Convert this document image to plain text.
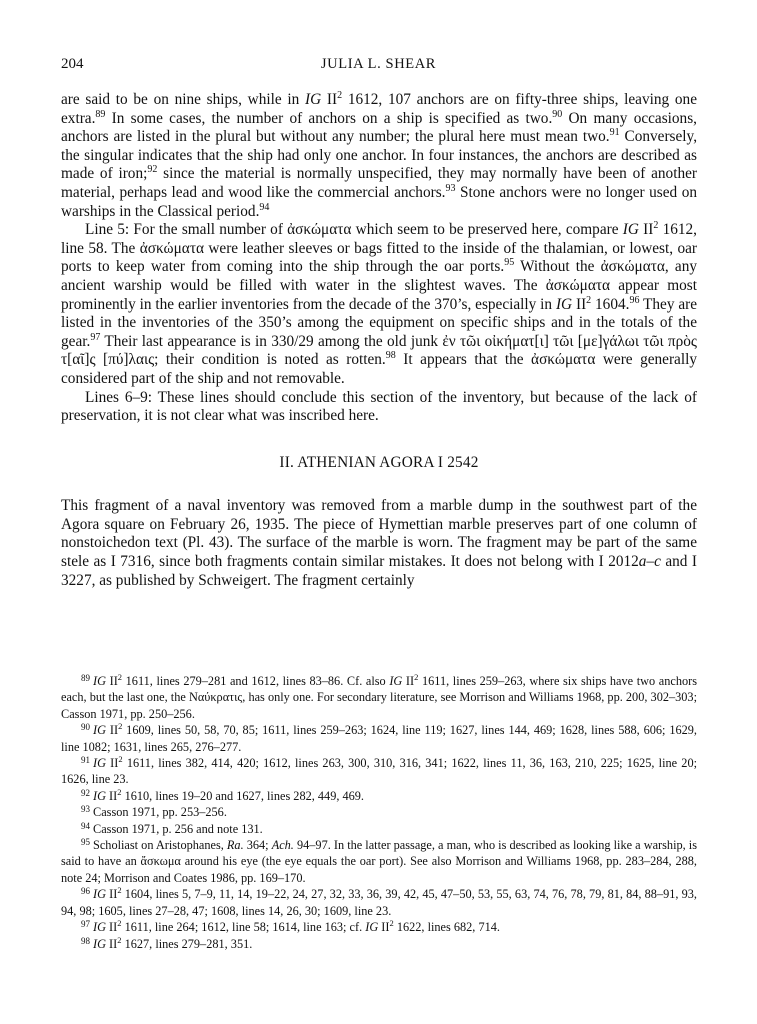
204	JULIA L. SHEAR

are said to be on nine ships, while in IG $II^2$ 1612, 107 anchors are on fifty-three ships, leaving one extra.$^{89}$ In some cases, the number of anchors on a ship is specified as two.$^{90}$ On many occasions, anchors are listed in the plural but without any number; the plural here must mean two.$^{91}$ Conversely, the singular indicates that the ship had only one anchor. In four instances, the anchors are described as made of iron;$^{92}$ since the material is normally unspecified, they may normally have been of another material, perhaps lead and wood like the commercial anchors.$^{93}$ Stone anchors were no longer used on warships in the Classical period.$^{94}$

Line 5: For the small number of ἀσκώματα which seem to be preserved here, compare IG $II^2$ 1612, line 58. The ἀσκώματα were leather sleeves or bags fitted to the inside of the thalamian, or lowest, oar ports to keep water from coming into the ship through the oar ports.$^{95}$ Without the ἀσκώματα, any ancient warship would be filled with water in the slightest waves. The ἀσκώματα appear most prominently in the earlier inventories from the decade of the 370’s, especially in IG $II^2$ 1604.96 They are listed in the inventories of the 350’s among the equipment on specific ships and in the totals of the gear.$^{97}$ Their last appearance is in 330/29 among the old junk ἐν τῶι οἰκήματ[ι] τῶι [με]γάλωι τῶι πρὸς τ[αῖ]ς [πύ]λαις; their condition is noted as rotten.$^{98}$ It appears that the ἀσκώματα were generally considered part of the ship and not removable.

Lines 6–9: These lines should conclude this section of the inventory, but because of the lack of preservation, it is not clear what was inscribed here.

II. ATHENIAN AGORA I 2542

This fragment of a naval inventory was removed from a marble dump in the southwest part of the Agora square on February 26, 1935. The piece of Hymettian marble preserves part of one column of nonstoichedon text (Pl. 43). The surface of the marble is worn. The fragment may be part of the same stele as I 7316, since both fragments contain similar mistakes. It does not belong with I 2012a–c and I 3227, as published by Schweigert. The fragment certainly

$^{89}$ IG $II^2$ 1611, lines 279–281 and 1612, lines 83–86. Cf. also IG $II^2$ 1611, lines 259–263, where six ships have two anchors each, but the last one, the Ναύκρατις, has only one. For secondary literature, see Morrison and Williams 1968, pp. 200, 302–303; Casson 1971, pp. 250–256.

$^{90}$ IG $II^2$ 1609, lines 50, 58, 70, 85; 1611, lines 259–263; 1624, line 119; 1627, lines 144, 469; 1628, lines 588, 606; 1629, line 1082; 1631, lines 265, 276–277.

$^{91}$ IG $II^2$ 1611, lines 382, 414, 420; 1612, lines 263, 300, 310, 316, 341; 1622, lines 11, 36, 163, 210, 225; 1625, line 20; 1626, line 23.

$^{92}$ IG $II^2$ 1610, lines 19–20 and 1627, lines 282, 449, 469.

$^{93}$ Casson 1971, pp. 253–256.

$^{94}$ Casson 1971, p. 256 and note 131.

$^{95}$ Scholiast on Aristophanes, Ra. 364; Ach. 94–97. In the latter passage, a man, who is described as looking like a warship, is said to have an ἄσκωμα around his eye (the eye equals the oar port). See also Morrison and Williams 1968, pp. 283–284, 288, note 24; Morrison and Coates 1986, pp. 169–170.

$^{96}$ IG $II^2$ 1604, lines 5, 7–9, 11, 14, 19–22, 24, 27, 32, 33, 36, 39, 42, 45, 47–50, 53, 55, 63, 74, 76, 78, 79, 81, 84, 88–91, 93, 94, 98; 1605, lines 27–28, 47; 1608, lines 14, 26, 30; 1609, line 23.

$^{97}$ IG $II^2$ 1611, line 264; 1612, line 58; 1614, line 163; cf. IG $II^2$ 1622, lines 682, 714.

$^{98}$ IG $II^2$ 1627, lines 279–281, 351.
